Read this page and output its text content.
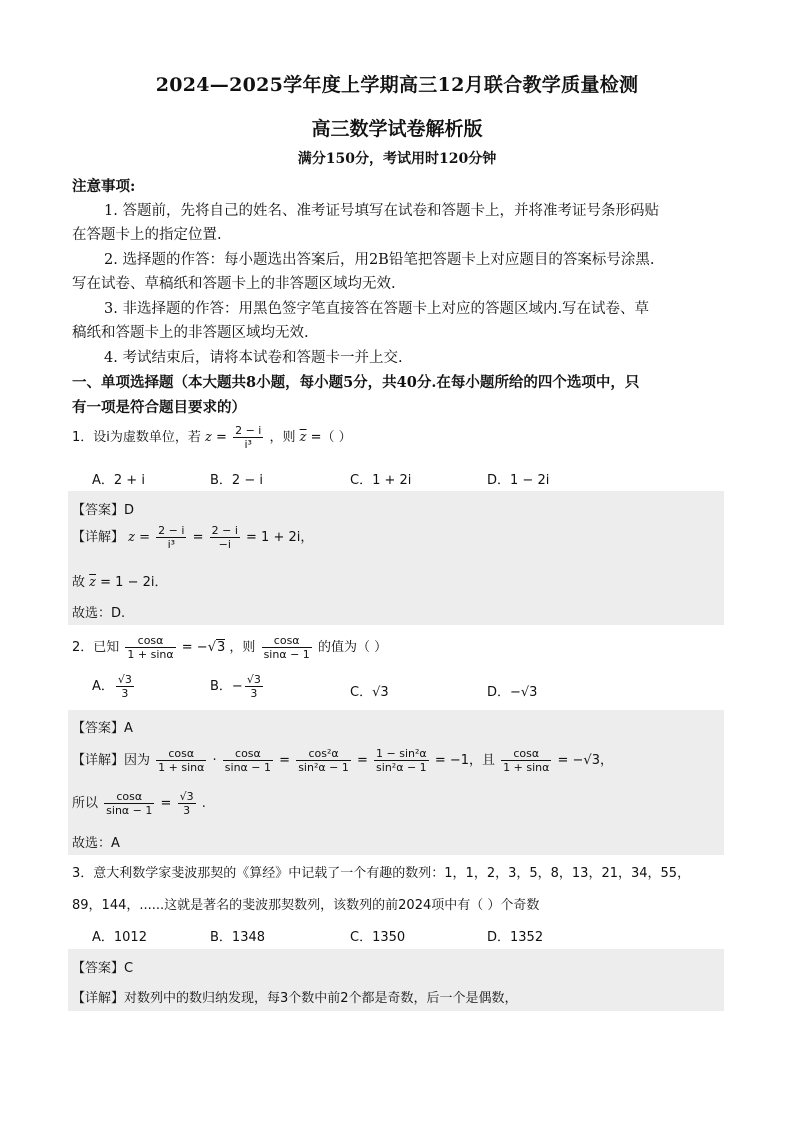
2024—2025学年度上学期高三12月联合教学质量检测
高三数学试卷解析版
满分150分，考试用时120分钟
注意事项:
1. 答题前，先将自己的姓名、准考证号填写在试卷和答题卡上，并将准考证号条形码贴
在答题卡上的指定位置.
2. 选择题的作答：每小题选出答案后，用2B铅笔把答题卡上对应题目的答案标号涂黑.
写在试卷、草稿纸和答题卡上的非答题区域均无效.
3. 非选择题的作答：用黑色签字笔直接答在答题卡上对应的答题区域内.写在试卷、草
稿纸和答题卡上的非答题区域均无效.
4. 考试结束后，请将本试卷和答题卡一并上交.
一、单项选择题（本大题共8小题，每小题5分，共40分.在每小题所给的四个选项中，只
有一项是符合题目要求的）
1．设i为虚数单位，若 $z = \frac{2 - i}{\text{i³}}$ ，则 $\overline{z}$ =（ ）
A．2 + i	B．2 − i	C．1 + 2i	D．1 − 2i
【答案】D
【详解】 $z = \frac{2 - i}{\text{i³}} = \frac{2 - i}{-i} = 1 + 2i$，
故 $\overline{z} = 1 - 2i$．
故选：D.
2．已知 $\frac{\cos\alpha}{1 + \sin\alpha} = -√3$ ，则 $\frac{\cos\alpha}{\sin\alpha - 1}$ 的值为（ ）
A． $\frac{√3}{3}$	B．− $\frac{√3}{3}$	C．√3	D．−√3
【答案】A
【详解】因为 $\frac{\cos\alpha}{1 + \sin\alpha} \cdot \frac{\cos\alpha}{\sin\alpha - 1} = \frac{\text{cos²α}}{\text{sin²α − 1}} = \frac{\text{1 − sin²α}}{\text{sin²α − 1}} = -1$，且 $\frac{\cos\alpha}{1 + \sin\alpha} = -√3$，
所以 $\frac{\cos\alpha}{\sin\alpha - 1} = \frac{√3}{3}$ .
故选：A
3．意大利数学家斐波那契的《算经》中记载了一个有趣的数列：1，1，2，3，5，8，13，21，34，55，
89，144，......这就是著名的斐波那契数列，该数列的前2024项中有（ ）个奇数
A．1012	B．1348	C．1350	D．1352
【答案】C
【详解】对数列中的数归纳发现，每3个数中前2个都是奇数，后一个是偶数，
